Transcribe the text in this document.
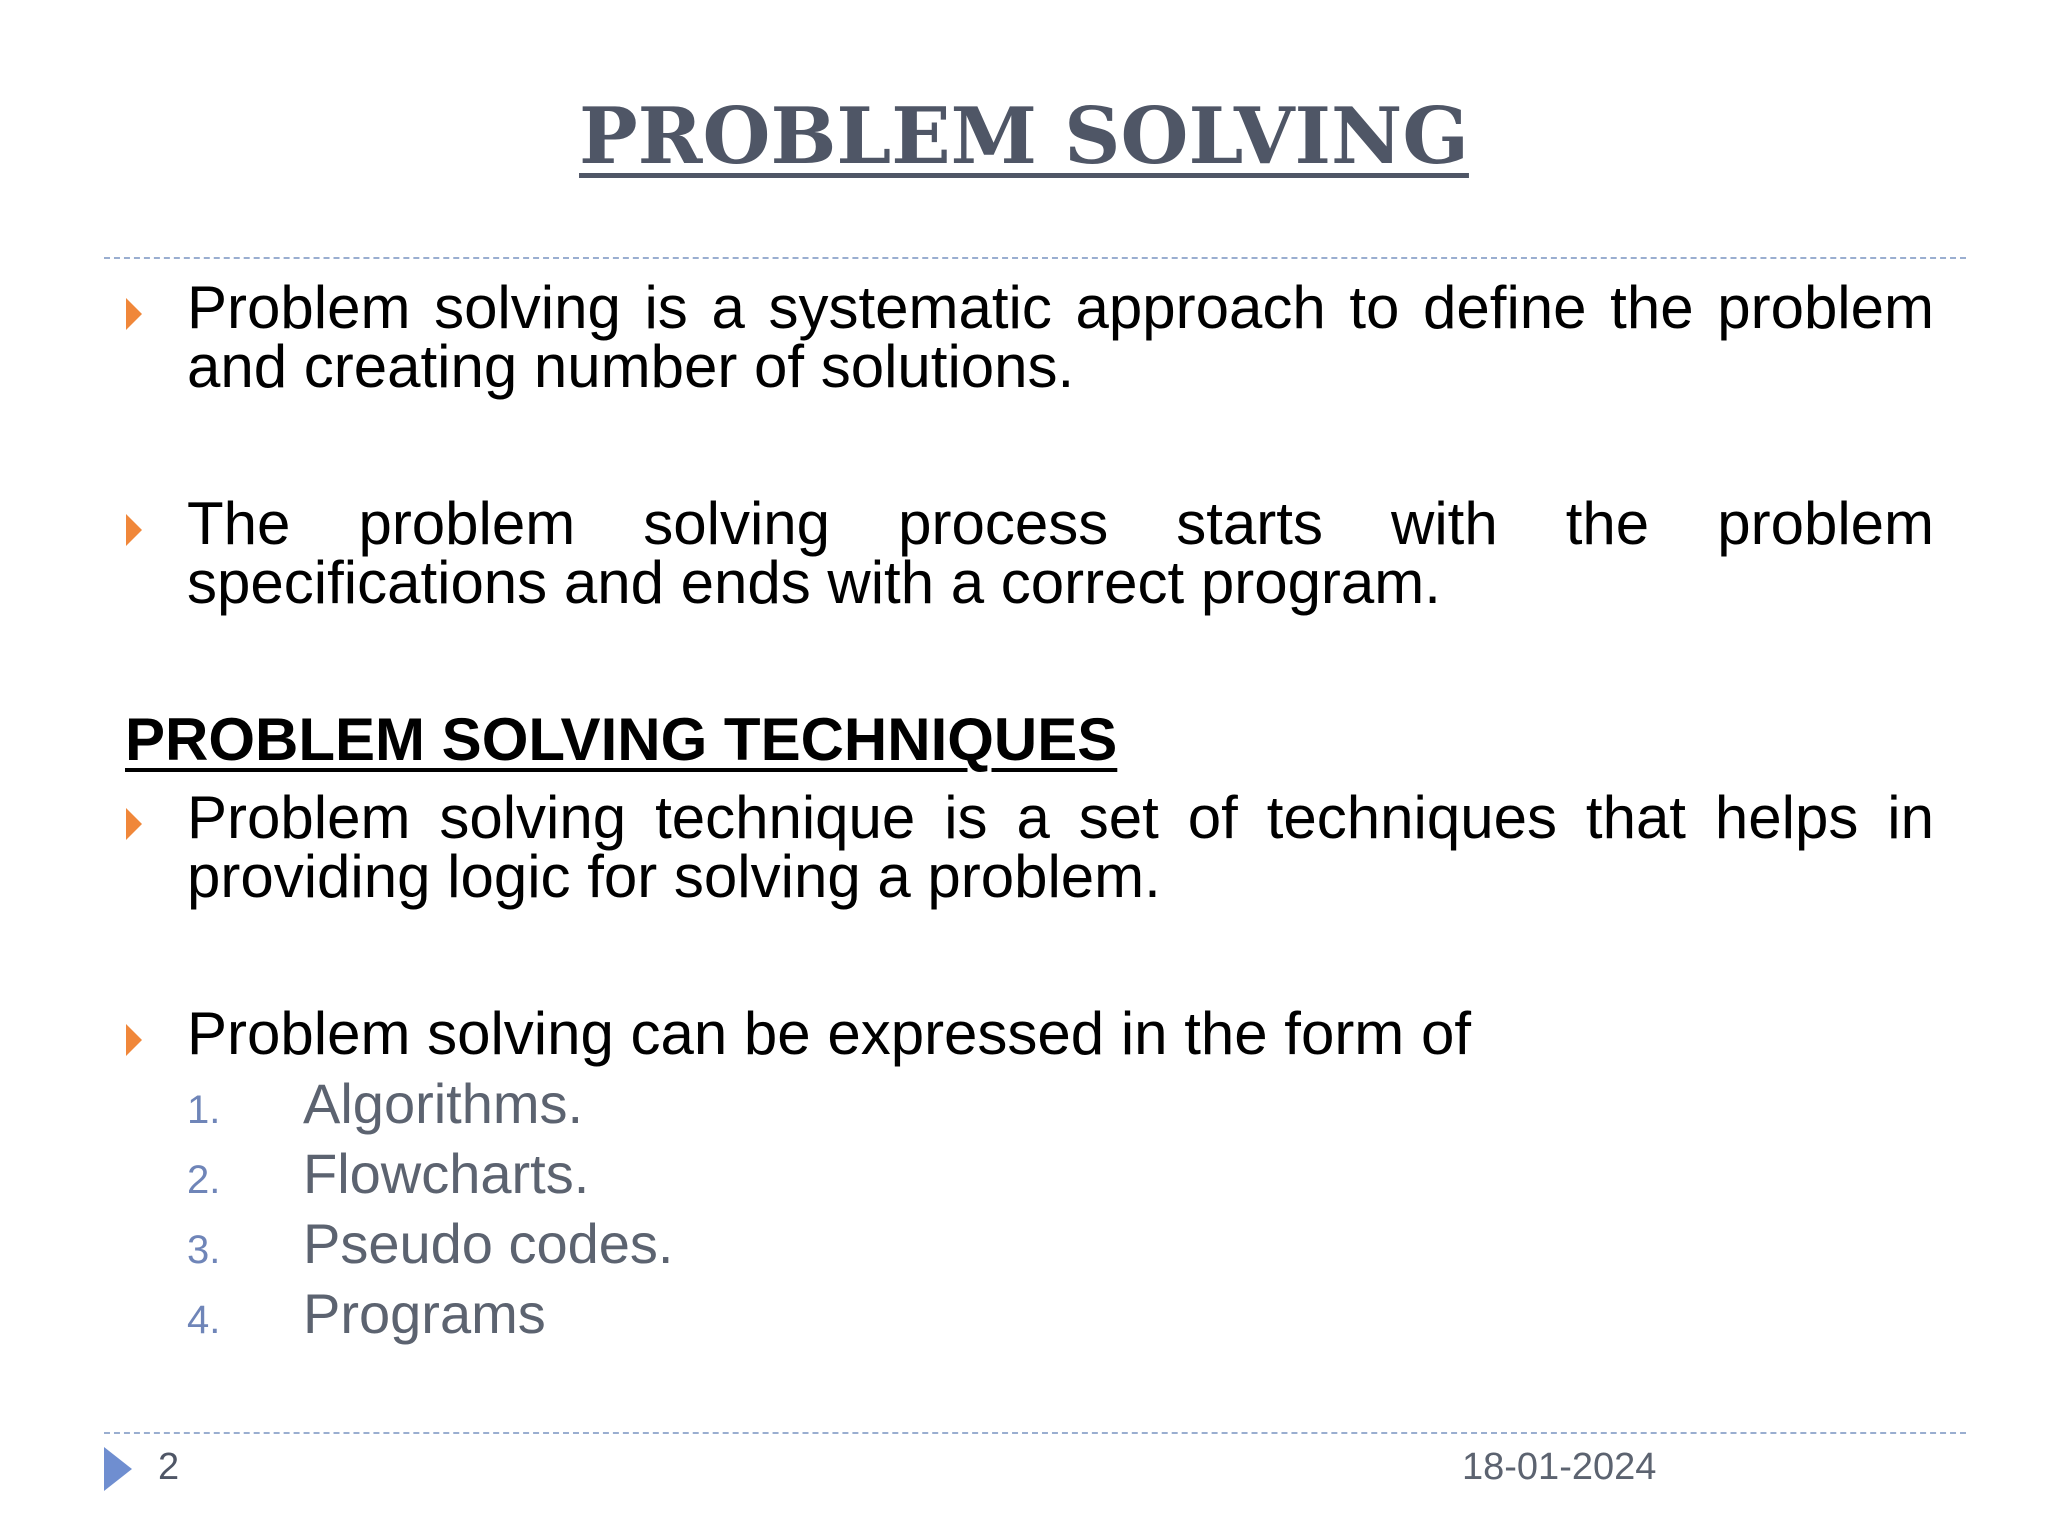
PROBLEM SOLVING
Problem solving is a systematic approach to define the problem and creating number of solutions.
The problem solving process starts with the problem specifications and ends with a correct program.
PROBLEM SOLVING TECHNIQUES
Problem solving technique is a set of techniques that helps in providing logic for solving a problem.
Problem solving can be expressed in the form of
1. Algorithms.
2. Flowcharts.
3. Pseudo codes.
4. Programs
2	18-01-2024
